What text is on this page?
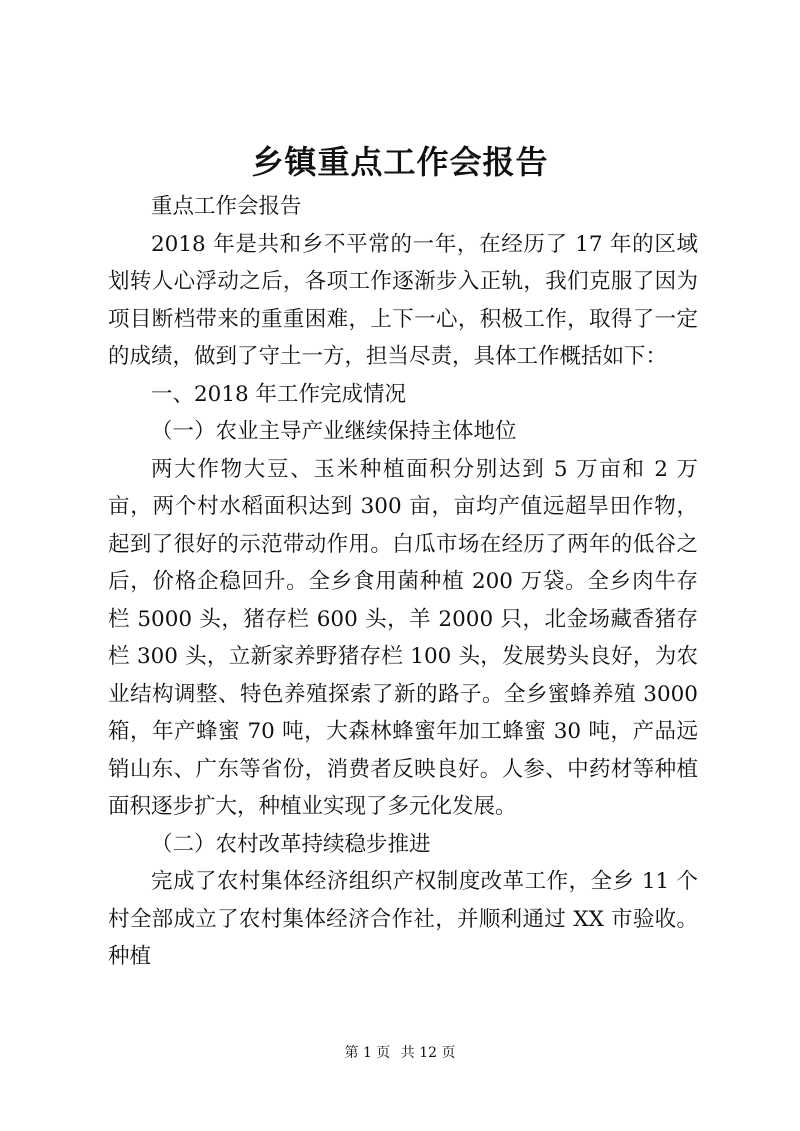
乡镇重点工作会报告

重点工作会报告

2018 年是共和乡不平常的一年，在经历了 17 年的区域划转人心浮动之后，各项工作逐渐步入正轨，我们克服了因为项目断档带来的重重困难，上下一心，积极工作，取得了一定的成绩，做到了守土一方，担当尽责，具体工作概括如下：

一、2018 年工作完成情况

（一）农业主导产业继续保持主体地位

两大作物大豆、玉米种植面积分别达到 5 万亩和 2 万亩，两个村水稻面积达到 300 亩，亩均产值远超旱田作物，起到了很好的示范带动作用。白瓜市场在经历了两年的低谷之后，价格企稳回升。全乡食用菌种植 200 万袋。全乡肉牛存栏 5000 头，猪存栏 600 头，羊 2000 只，北金场藏香猪存栏 300 头，立新家养野猪存栏 100 头，发展势头良好，为农业结构调整、特色养殖探索了新的路子。全乡蜜蜂养殖 3000 箱，年产蜂蜜 70 吨，大森林蜂蜜年加工蜂蜜 30 吨，产品远销山东、广东等省份，消费者反映良好。人参、中药材等种植面积逐步扩大，种植业实现了多元化发展。

（二）农村改革持续稳步推进

完成了农村集体经济组织产权制度改革工作，全乡 11 个村全部成立了农村集体经济合作社，并顺利通过 XX 市验收。种植

第 1 页 共 12 页
